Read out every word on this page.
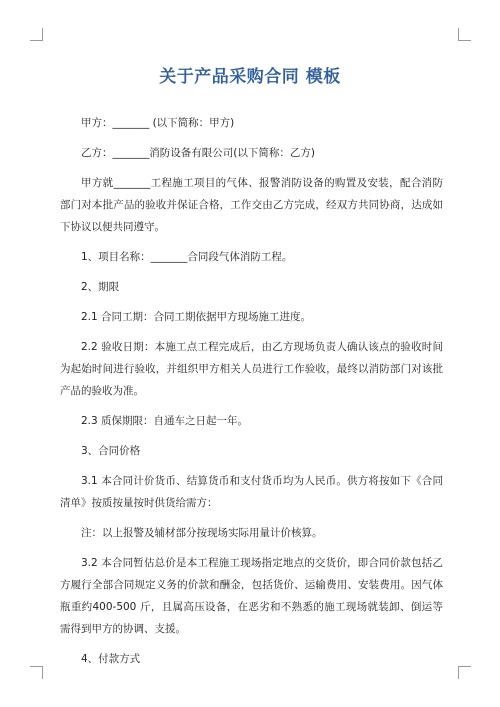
关于产品采购合同 模板

甲方：_______ (以下简称：甲方)

乙方：_______消防设备有限公司(以下简称：乙方)

甲方就_______工程施工项目的气体、报警消防设备的购置及安装，配合消防部门对本批产品的验收并保证合格，工作交由乙方完成，经双方共同协商，达成如下协议以便共同遵守。

1、项目名称：_______合同段气体消防工程。

2、期限

2.1 合同工期：合同工期依据甲方现场施工进度。

2.2 验收日期：本施工点工程完成后，由乙方现场负责人确认该点的验收时间为起始时间进行验收，并组织甲方相关人员进行工作验收，最终以消防部门对该批产品的验收为准。

2.3 质保期限：自通车之日起一年。

3、合同价格

3.1 本合同计价货币、结算货币和支付货币均为人民币。供方将按如下《合同清单》按质按量按时供货给需方：

注：以上报警及辅材部分按现场实际用量计价核算。

3.2 本合同暂估总价是本工程施工现场指定地点的交货价，即合同价款包括乙方履行全部合同规定义务的价款和酬金，包括货价、运输费用、安装费用。因气体瓶重约400-500 斤，且属高压设备，在恶劣和不熟悉的施工现场就装卸、倒运等需得到甲方的协调、支援。

4、付款方式
